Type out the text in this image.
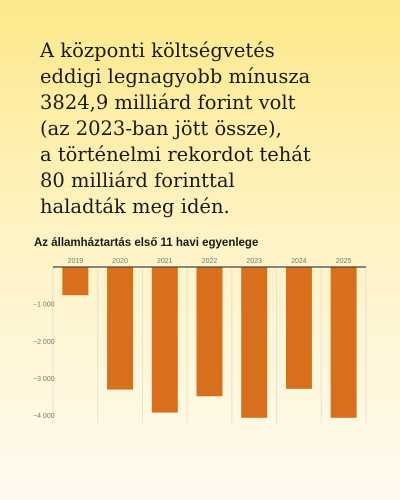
A központi költségvetés
eddigi legnagyobb mínusza
3824,9 milliárd forint volt
(az 2023-ban jött össze),
a történelmi rekordot tehát
80 milliárd forinttal
haladták meg idén.
Az államháztartás első 11 havi egyenlege
2019	2020	2021	2022	2023	2024	2025
−1 000
−2 000
−3 000
−4 000
